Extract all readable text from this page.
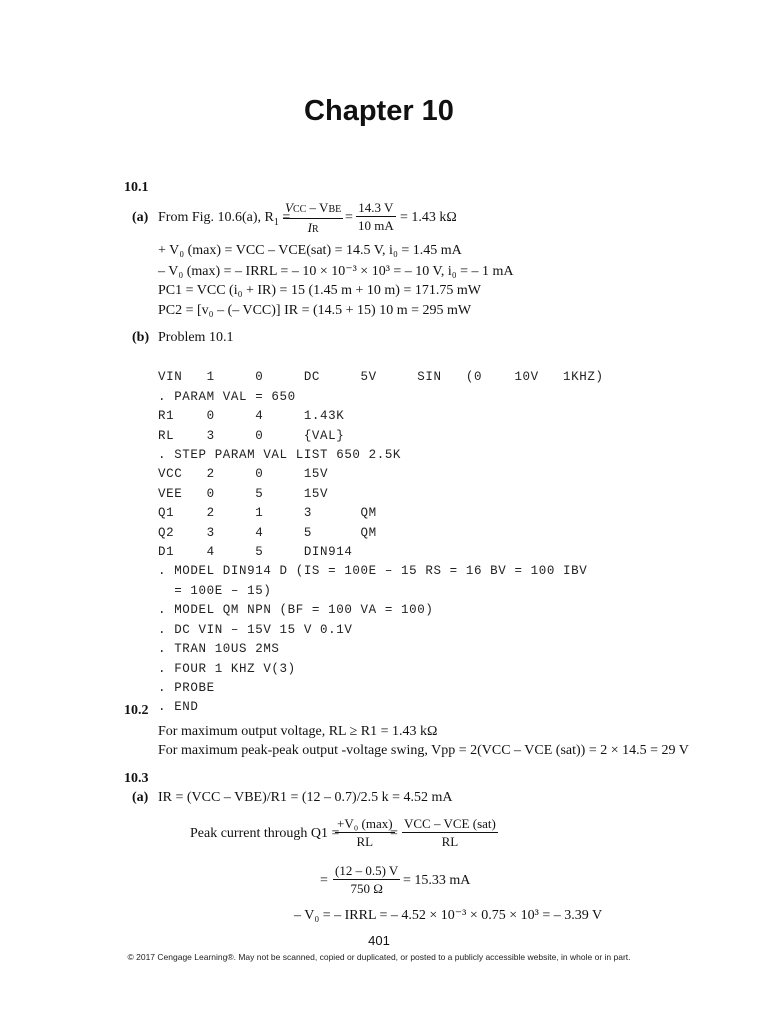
Chapter 10
10.1
(a) From Fig. 10.6(a), $R_1$ =
VCC – VBE
IR
= $\frac{14.3 V}{10 mA} = 1.43$ kΩ
+ V₀ (max) = VCC – VCE(sat) = 14.5 V, i₀ = 1.45 mA
– V₀ (max) = – IRRL = – 10 × 10⁻³ × 10³ = – 10 V, i₀ = – 1 mA
PC1 = VCC (i₀ + IR) = 15 (1.45 m + 10 m) = 171.75 mW
PC2 = [v₀ – (– VCC)] IR = (14.5 + 15) 10 m = 295 mW
(b) Problem 10.1

VIN   1     0     DC     5V     SIN   (0    10V   1KHZ)
. PARAM VAL = 650
R1    0     4     1.43K
RL    3     0     {VAL}
. STEP PARAM VAL LIST 650 2.5K
VCC   2     0     15V
VEE   0     5     15V
Q1    2     1     3      QM
Q2    3     4     5      QM
D1    4     5     DIN914
. MODEL DIN914 D (IS = 100E – 15 RS = 16 BV = 100 IBV
= 100E – 15)
. MODEL QM NPN (BF = 100 VA = 100)
. DC VIN – 15V 15 V 0.1V
. TRAN 10US 2MS
. FOUR 1 KHZ V(3)
. PROBE
. END

10.2
For maximum output voltage, RL ≥ R1 = 1.43 kΩ
For maximum peak-peak output -voltage swing, Vpp = 2(VCC – VCE (sat)) = 2 × 14.5 = 29 V
10.3
(a) IR = (VCC – VBE)/R1 = (12 – 0.7)/2.5 k = 4.52 mA
Peak current through Q1 =
+V₀ (max)
RL
=
VCC – VCE (sat)
RL
= $\frac{(12 - 0.5) V}{750 \Omega} = 15.33$ mA
– V₀ = – IRRL = – 4.52 × 10⁻³ × 0.75 × 10³ = – 3.39 V
401
© 2017 Cengage Learning®. May not be scanned, copied or duplicated, or posted to a publicly accessible website, in whole or in part.
